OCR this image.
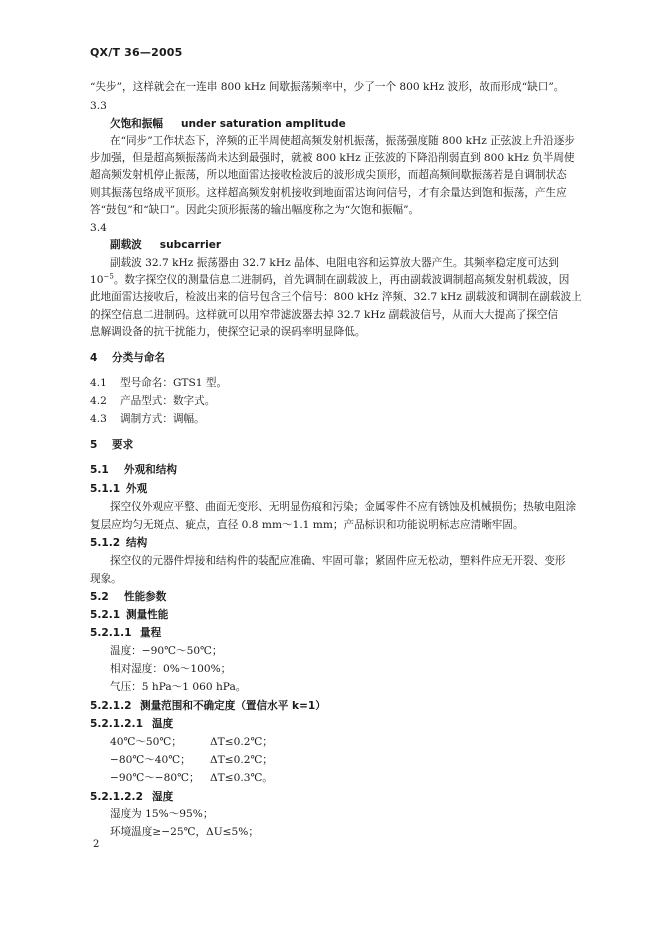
QX/T 36—2005
“失步”，这样就会在一连串 800 kHz 间歇振荡频率中，少了一个 800 kHz 波形，故而形成“缺口”。
3.3
欠饱和振幅 under saturation amplitude
在“同步”工作状态下，淬频的正半周使超高频发射机振荡，振荡强度随 800 kHz 正弦波上升沿逐步
步加强，但是超高频振荡尚未达到最强时，就被 800 kHz 正弦波的下降沿削弱直到 800 kHz 负半周使
超高频发射机停止振荡，所以地面雷达接收检波后的波形成尖顶形，而超高频间歇振荡若是自调制状态
则其振荡包络成平顶形。这样超高频发射机接收到地面雷达询问信号，才有余量达到饱和振荡，产生应
答“鼓包”和“缺口”。因此尖顶形振荡的输出幅度称之为“欠饱和振幅”。
3.4
副载波 subcarrier
副载波 32.7 kHz 振荡器由 32.7 kHz 晶体、电阻电容和运算放大器产生。其频率稳定度可达到
$10^{-5}$。数字探空仪的测量信息二进制码，首先调制在副载波上，再由副载波调制超高频发射机载波，因
此地面雷达接收后，检波出来的信号包含三个信号：800 kHz 淬频、32.7 kHz 副载波和调制在副载波上
的探空信息二进制码。这样就可以用窄带滤波器去掉 32.7 kHz 副载波信号，从而大大提高了探空信
息解调设备的抗干扰能力，使探空记录的误码率明显降低。
4 分类与命名
4.1 型号命名：GTS1 型。
4.2 产品型式：数字式。
4.3 调制方式：调幅。
5 要求
5.1 外观和结构
5.1.1 外观
探空仪外观应平整、曲面无变形、无明显伤痕和污染；金属零件不应有锈蚀及机械损伤；热敏电阻涂
复层应均匀无斑点、疵点，直径 0.8 mm～1.1 mm；产品标识和功能说明标志应清晰牢固。
5.1.2 结构
探空仪的元器件焊接和结构件的装配应准确、牢固可靠；紧固件应无松动，塑料件应无开裂、变形
现象。
5.2 性能参数
5.2.1 测量性能
5.2.1.1 量程
温度：−90℃～50℃；
相对湿度：0%～100%；
气压：5 hPa～1 060 hPa。
5.2.1.2 测量范围和不确定度（置信水平 k=1）
5.2.1.2.1 温度
40℃～50℃；	ΔT≤0.2℃；
−80℃～40℃； ΔT≤0.2℃；
−90℃～−80℃； ΔT≤0.3℃。
5.2.1.2.2 湿度
湿度为 15%～95%；
环境温度≥−25℃，ΔU≤5%；
2
